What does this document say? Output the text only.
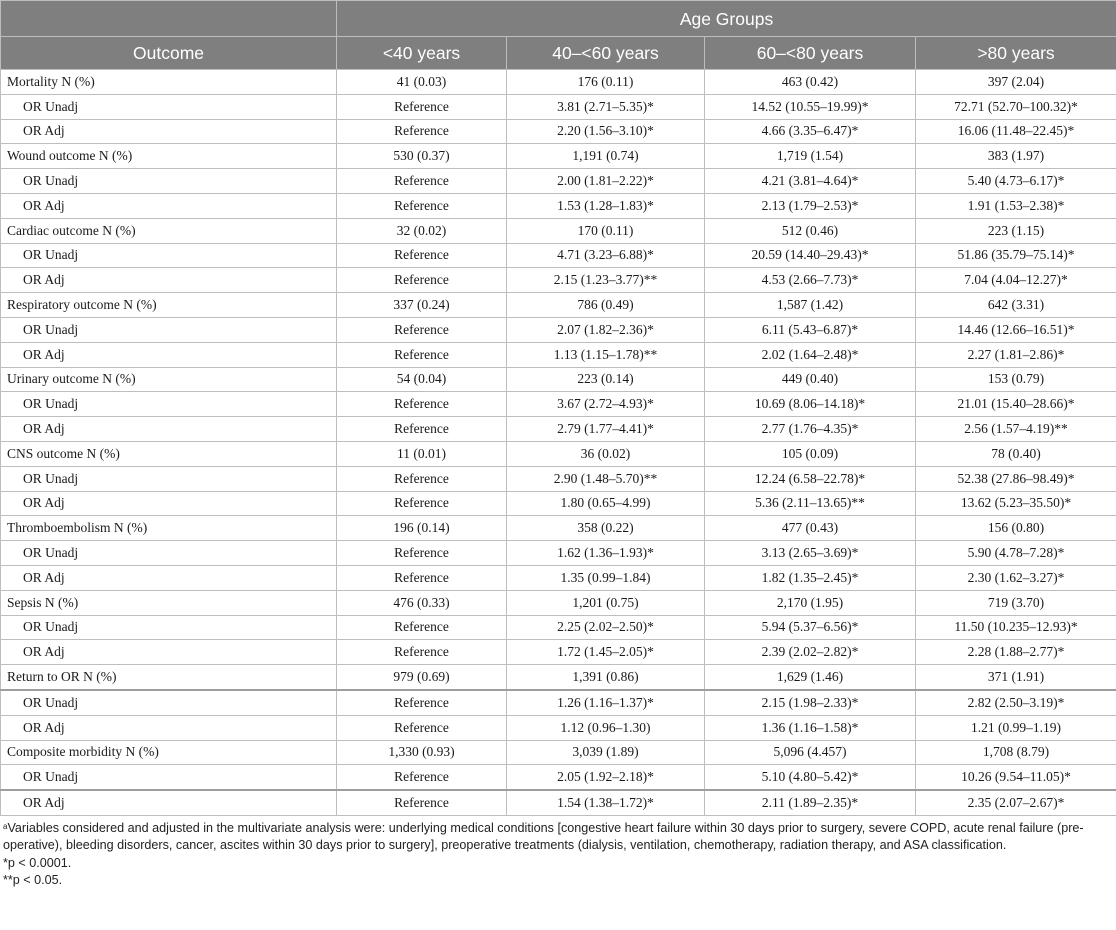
	Age Groups			
Outcome	<40 years	40–<60 years	60–<80 years	>80 years
Mortality N (%)	41 (0.03)	176 (0.11)	463 (0.42)	397 (2.04)
OR Unadj	Reference	3.81 (2.71–5.35)*	14.52 (10.55–19.99)*	72.71 (52.70–100.32)*
OR Adj	Reference	2.20 (1.56–3.10)*	4.66 (3.35–6.47)*	16.06 (11.48–22.45)*
Wound outcome N (%)	530 (0.37)	1,191 (0.74)	1,719 (1.54)	383 (1.97)
OR Unadj	Reference	2.00 (1.81–2.22)*	4.21 (3.81–4.64)*	5.40 (4.73–6.17)*
OR Adj	Reference	1.53 (1.28–1.83)*	2.13 (1.79–2.53)*	1.91 (1.53–2.38)*
Cardiac outcome N (%)	32 (0.02)	170 (0.11)	512 (0.46)	223 (1.15)
OR Unadj	Reference	4.71 (3.23–6.88)*	20.59 (14.40–29.43)*	51.86 (35.79–75.14)*
OR Adj	Reference	2.15 (1.23–3.77)**	4.53 (2.66–7.73)*	7.04 (4.04–12.27)*
Respiratory outcome N (%)	337 (0.24)	786 (0.49)	1,587 (1.42)	642 (3.31)
OR Unadj	Reference	2.07 (1.82–2.36)*	6.11 (5.43–6.87)*	14.46 (12.66–16.51)*
OR Adj	Reference	1.13 (1.15–1.78)**	2.02 (1.64–2.48)*	2.27 (1.81–2.86)*
Urinary outcome N (%)	54 (0.04)	223 (0.14)	449 (0.40)	153 (0.79)
OR Unadj	Reference	3.67 (2.72–4.93)*	10.69 (8.06–14.18)*	21.01 (15.40–28.66)*
OR Adj	Reference	2.79 (1.77–4.41)*	2.77 (1.76–4.35)*	2.56 (1.57–4.19)**
CNS outcome N (%)	11 (0.01)	36 (0.02)	105 (0.09)	78 (0.40)
OR Unadj	Reference	2.90 (1.48–5.70)**	12.24 (6.58–22.78)*	52.38 (27.86–98.49)*
OR Adj	Reference	1.80 (0.65–4.99)	5.36 (2.11–13.65)**	13.62 (5.23–35.50)*
Thromboembolism N (%)	196 (0.14)	358 (0.22)	477 (0.43)	156 (0.80)
OR Unadj	Reference	1.62 (1.36–1.93)*	3.13 (2.65–3.69)*	5.90 (4.78–7.28)*
OR Adj	Reference	1.35 (0.99–1.84)	1.82 (1.35–2.45)*	2.30 (1.62–3.27)*
Sepsis N (%)	476 (0.33)	1,201 (0.75)	2,170 (1.95)	719 (3.70)
OR Unadj	Reference	2.25 (2.02–2.50)*	5.94 (5.37–6.56)*	11.50 (10.235–12.93)*
OR Adj	Reference	1.72 (1.45–2.05)*	2.39 (2.02–2.82)*	2.28 (1.88–2.77)*
Return to OR N (%)	979 (0.69)	1,391 (0.86)	1,629 (1.46)	371 (1.91)
OR Unadj	Reference	1.26 (1.16–1.37)*	2.15 (1.98–2.33)*	2.82 (2.50–3.19)*
OR Adj	Reference	1.12 (0.96–1.30)	1.36 (1.16–1.58)*	1.21 (0.99–1.19)
Composite morbidity N (%)	1,330 (0.93)	3,039 (1.89)	5,096 (4.457)	1,708 (8.79)
OR Unadj	Reference	2.05 (1.92–2.18)*	5.10 (4.80–5.42)*	10.26 (9.54–11.05)*
OR Adj	Reference	1.54 (1.38–1.72)*	2.11 (1.89–2.35)*	2.35 (2.07–2.67)*

$^a$Variables considered and adjusted in the multivariate analysis were: underlying medical conditions [congestive heart failure within 30 days prior to surgery, severe COPD, acute renal failure (pre-operative), bleeding disorders, cancer, ascites within 30 days prior to surgery], preoperative treatments (dialysis, ventilation, chemotherapy, radiation therapy, and ASA classification.

*p < 0.0001.

**p < 0.05.
